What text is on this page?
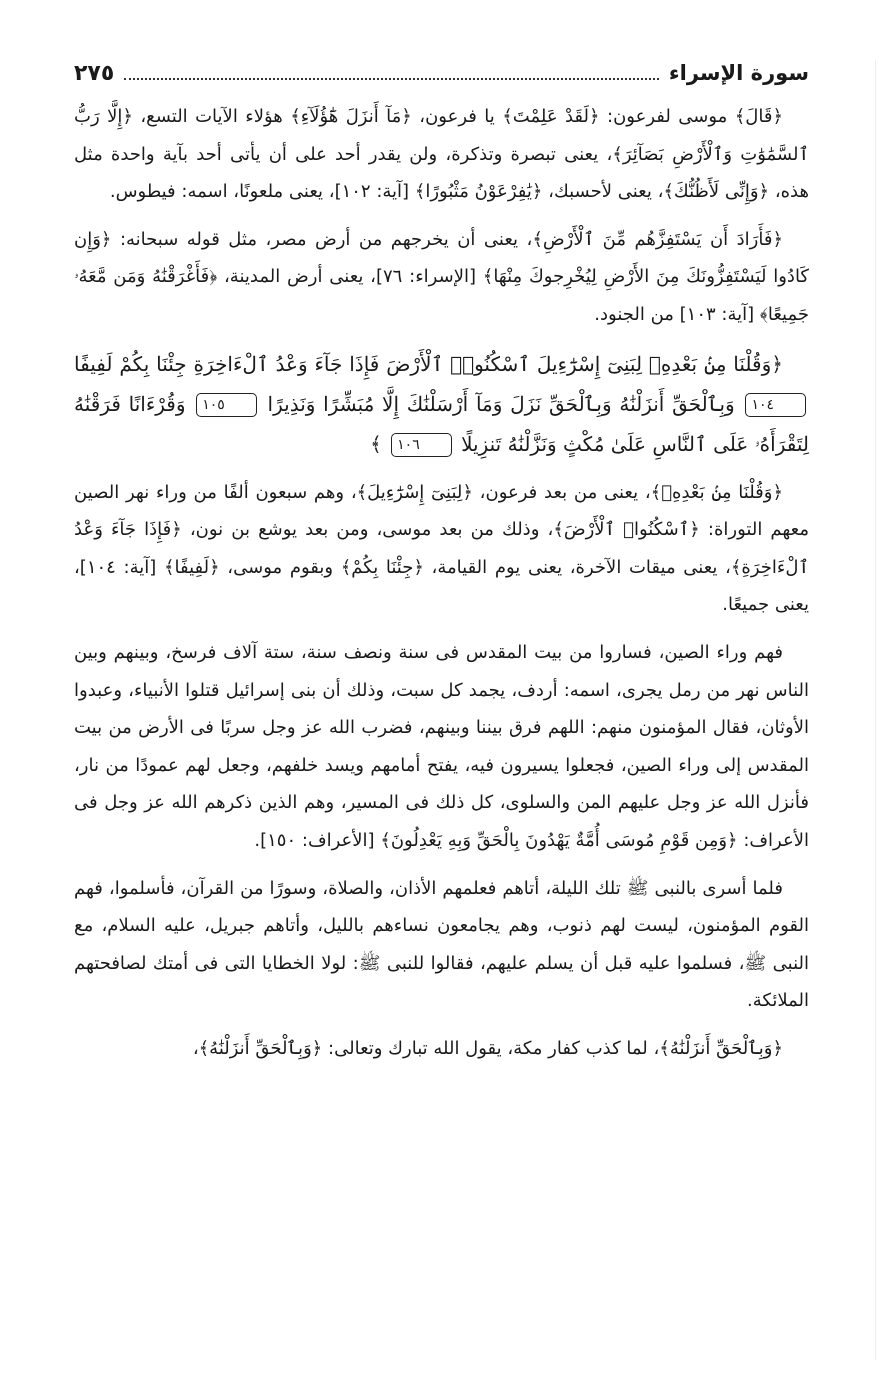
سورة الإسراء
٢٧٥

﴿قَالَ﴾ موسى لفرعون: ﴿لَقَدْ عَلِمْتَ﴾ يا فرعون، ﴿مَآ أَنزَلَ هَٰٓؤُلَآءِ﴾ هؤلاء الآيات التسع، ﴿إِلَّا رَبُّ ٱلسَّمَٰوَٰتِ وَٱلْأَرْضِ بَصَآئِرَ﴾، يعنى تبصرة وتذكرة، ولن يقدر أحد على أن يأتى أحد بآية واحدة مثل هذه، ﴿وَإِنِّى لَأَظُنُّكَ﴾، يعنى لأحسبك، ﴿يَٰفِرْعَوْنُ مَثْبُورًا﴾ [آية: ١٠٢]، يعنى ملعونًا، اسمه: فيطوس.

﴿فَأَرَادَ أَن يَسْتَفِزَّهُم مِّنَ ٱلْأَرْضِ﴾، يعنى أن يخرجهم من أرض مصر، مثل قوله سبحانه: ﴿وَإِن كَادُوا لَيَسْتَفِزُّونَكَ مِنَ الأَرْضِ لِيُخْرِجوكَ مِنْهَا﴾ [الإسراء: ٧٦]، يعنى أرض المدينة، ﴿فَأَغْرَقْنَٰهُ وَمَن مَّعَهُۥ جَمِيعًا﴾ [آية: ١٠٣] من الجنود.

﴿وَقُلْنَا مِنۢ بَعْدِهِۦ لِبَنِىٓ إِسْرَٰٓءِيلَ ٱسْكُنُوا۟ ٱلْأَرْضَ فَإِذَا جَآءَ وَعْدُ ٱلْءَاخِرَةِ جِئْنَا بِكُمْ لَفِيفًا ١٠٤ وَبِٱلْحَقِّ أَنزَلْنَٰهُ وَبِٱلْحَقِّ نَزَلَ وَمَآ أَرْسَلْنَٰكَ إِلَّا مُبَشِّرًا وَنَذِيرًا ١٠٥ وَقُرْءَانًا فَرَقْنَٰهُ لِتَقْرَأَهُۥ عَلَى ٱلنَّاسِ عَلَىٰ مُكْثٍ وَنَزَّلْنَٰهُ تَنزِيلًا ١٠٦ ﴾

﴿وَقُلْنَا مِنۢ بَعْدِهِۦ﴾، يعنى من بعد فرعون، ﴿لِبَنِىٓ إِسْرَٰٓءِيلَ﴾، وهم سبعون ألفًا من وراء نهر الصين معهم التوراة: ﴿ٱسْكُنُوا۟ ٱلْأَرْضَ﴾، وذلك من بعد موسى، ومن بعد يوشع بن نون، ﴿فَإِذَا جَآءَ وَعْدُ ٱلْءَاخِرَةِ﴾، يعنى ميقات الآخرة، يعنى يوم القيامة، ﴿جِئْنَا بِكُمْ﴾ وبقوم موسى، ﴿لَفِيفًا﴾ [آية: ١٠٤]، يعنى جميعًا.

فهم وراء الصين، فساروا من بيت المقدس فى سنة ونصف سنة، ستة آلاف فرسخ، وبينهم وبين الناس نهر من رمل يجرى، اسمه: أردف، يجمد كل سبت، وذلك أن بنى إسرائيل قتلوا الأنبياء، وعبدوا الأوثان، فقال المؤمنون منهم: اللهم فرق بيننا وبينهم، فضرب الله عز وجل سربًا فى الأرض من بيت المقدس إلى وراء الصين، فجعلوا يسيرون فيه، يفتح أمامهم ويسد خلفهم، وجعل لهم عمودًا من نار، فأنزل الله عز وجل عليهم المن والسلوى، كل ذلك فى المسير، وهم الذين ذكرهم الله عز وجل فى الأعراف: ﴿وَمِن قَوْمِ مُوسَى أُمَّةٌ يَهْدُونَ بِالْحَقِّ وَبِهِ يَعْدِلُونَ﴾ [الأعراف: ١٥٠].

فلما أسرى بالنبى ﷺ تلك الليلة، أتاهم فعلمهم الأذان، والصلاة، وسورًا من القرآن، فأسلموا، فهم القوم المؤمنون، ليست لهم ذنوب، وهم يجامعون نساءهم بالليل، وأتاهم جبريل، عليه السلام، مع النبى ﷺ، فسلموا عليه قبل أن يسلم عليهم، فقالوا للنبى ﷺ: لولا الخطايا التى فى أمتك لصافحتهم الملائكة.

﴿وَبِٱلْحَقِّ أَنزَلْنَٰهُ﴾، لما كذب كفار مكة، يقول الله تبارك وتعالى: ﴿وَبِٱلْحَقِّ أَنزَلْنَٰهُ﴾،
